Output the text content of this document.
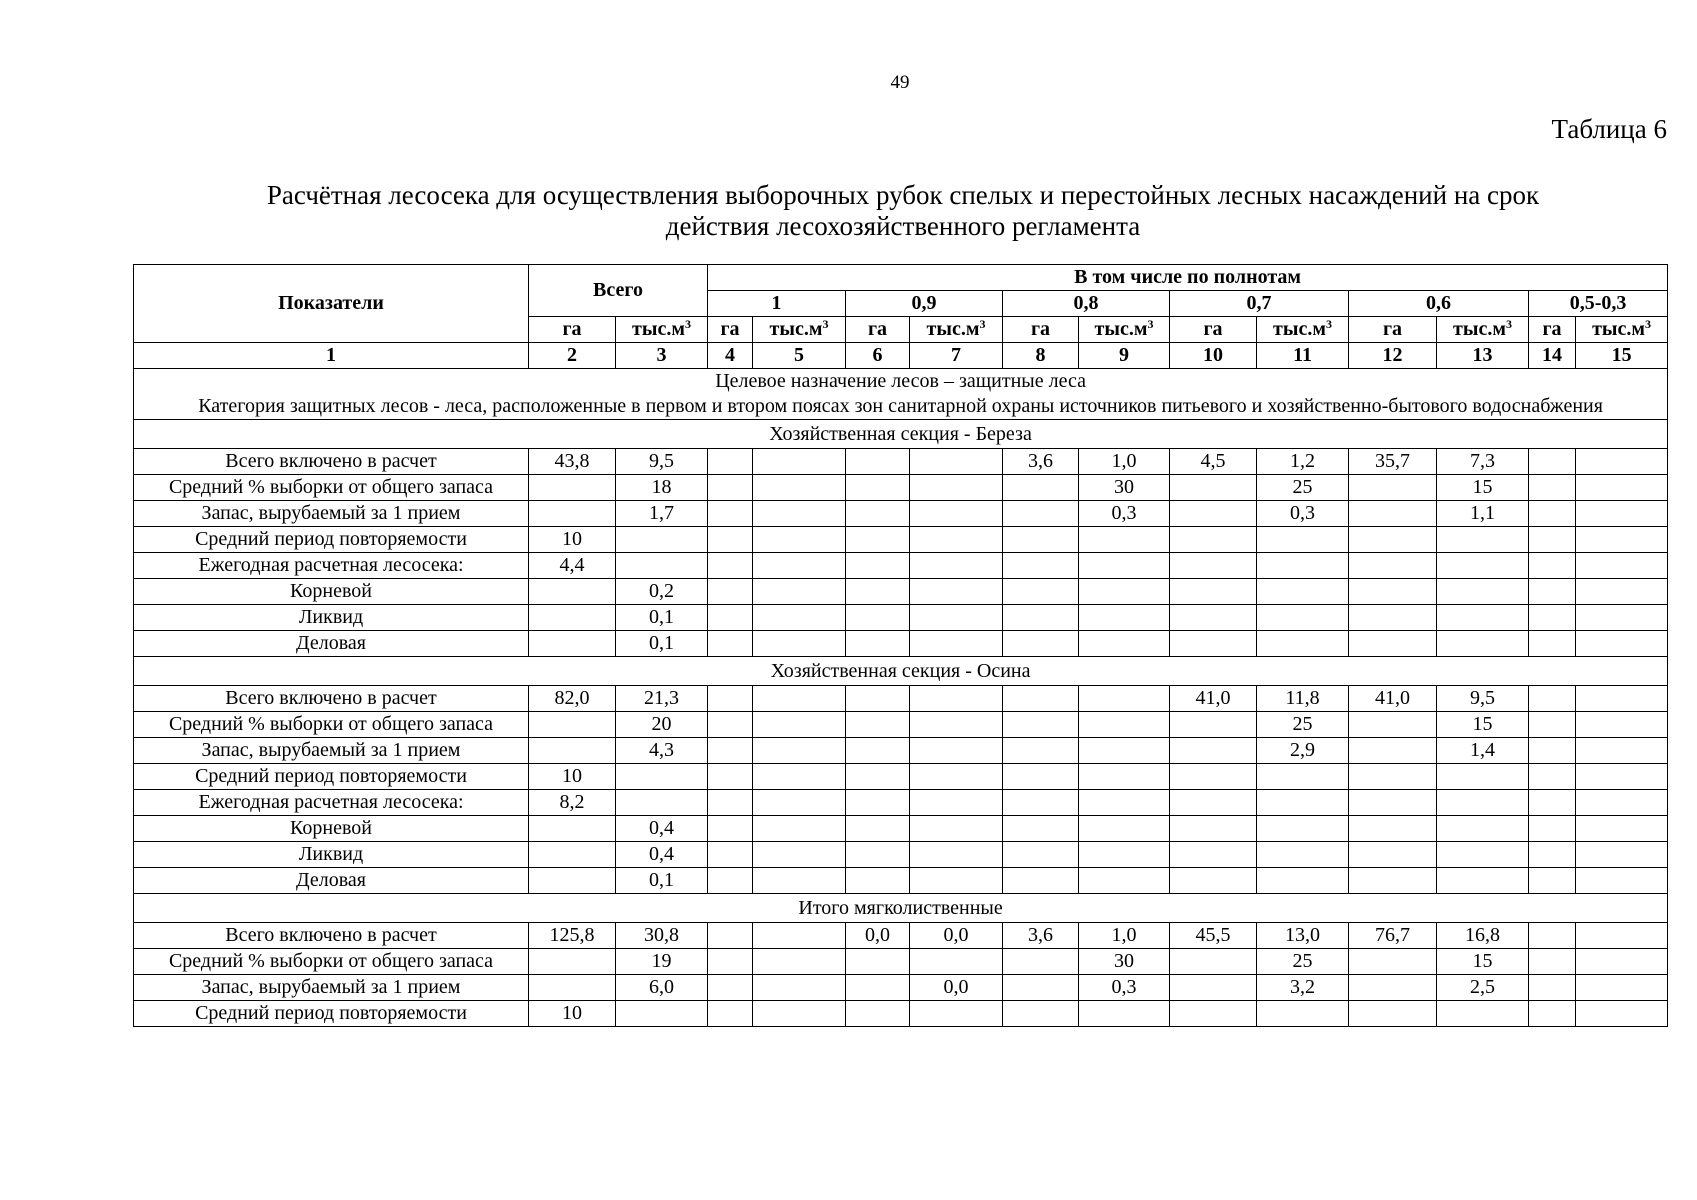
49
Таблица 6
Расчётная лесосека для осуществления выборочных рубок спелых и перестойных лесных насаждений на срок
действия лесохозяйственного регламента
Показатели	Всего		В том числе по полнотам											
			1		0,9		0,8		0,7		0,6		0,5-0,3	
	га	$тыс.м^3$	га	$тыс.м^3$	га	$тыс.м^3$	га	$тыс.м^3$	га	$тыс.м^3$	га	$тыс.м^3$	га	$тыс.м^3$
1	2	3	4	5	6	7	8	9	10	11	12	13	14	15

Целевое назначение лесов – защитные леса
Категория защитных лесов - леса, расположенные в первом и втором поясах зон санитарной охраны источников питьевого и хозяйственно-бытового водоснабжения														

Хозяйственная секция - Береза														
Всего включено в расчет	43,8	9,5					3,6	1,0	4,5	1,2	35,7	7,3		
Средний % выборки от общего запаса		18						30		25		15		
Запас, вырубаемый за 1 прием		1,7						0,3		0,3		1,1		
Средний период повторяемости	10													
Ежегодная расчетная лесосека:	4,4													
Корневой		0,2												
Ликвид		0,1												
Деловая		0,1												
Хозяйственная секция - Осина														
Всего включено в расчет	82,0	21,3							41,0	11,8	41,0	9,5		
Средний % выборки от общего запаса		20								25		15		
Запас, вырубаемый за 1 прием		4,3								2,9		1,4		
Средний период повторяемости	10													
Ежегодная расчетная лесосека:	8,2													
Корневой		0,4												
Ликвид		0,4												
Деловая		0,1												
Итого мягколиственные														
Всего включено в расчет	125,8	30,8			0,0	0,0	3,6	1,0	45,5	13,0	76,7	16,8		
Средний % выборки от общего запаса		19						30		25		15		
Запас, вырубаемый за 1 прием		6,0				0,0		0,3		3,2		2,5		
Средний период повторяемости	10													
